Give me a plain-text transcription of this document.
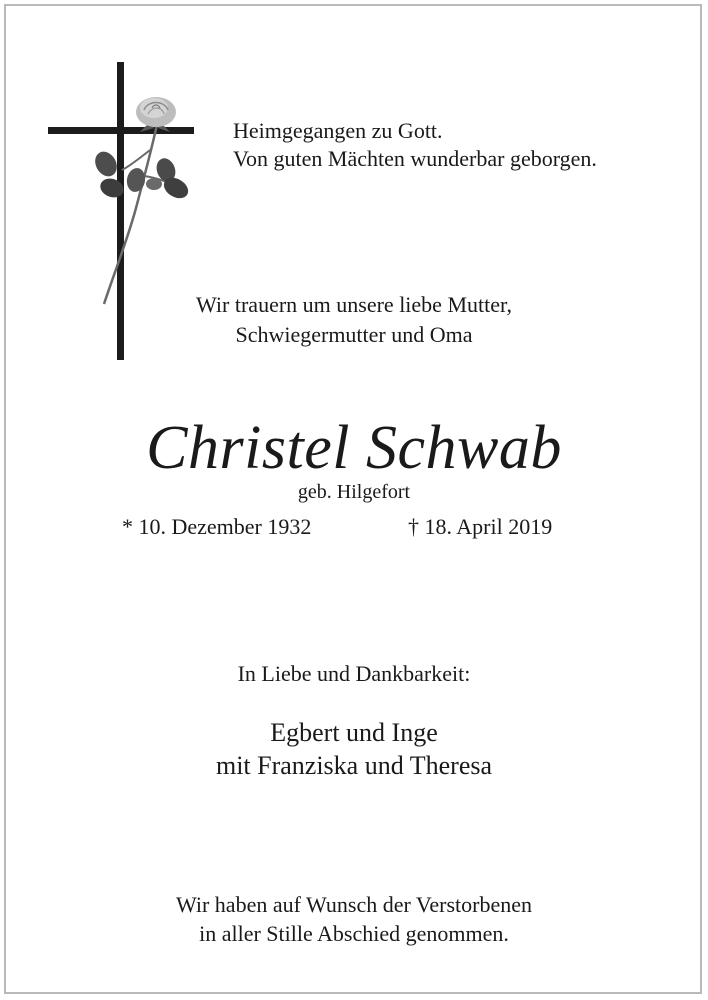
Heimgegangen zu Gott.
Von guten Mächten wunderbar geborgen.

Wir trauern um unsere liebe Mutter,
Schwiegermutter und Oma

Christel Schwab

geb. Hilgefort

* 10. Dezember 1932	† 18. April 2019

In Liebe und Dankbarkeit:

Egbert und Inge
mit Franziska und Theresa

Wir haben auf Wunsch der Verstorbenen
in aller Stille Abschied genommen.
